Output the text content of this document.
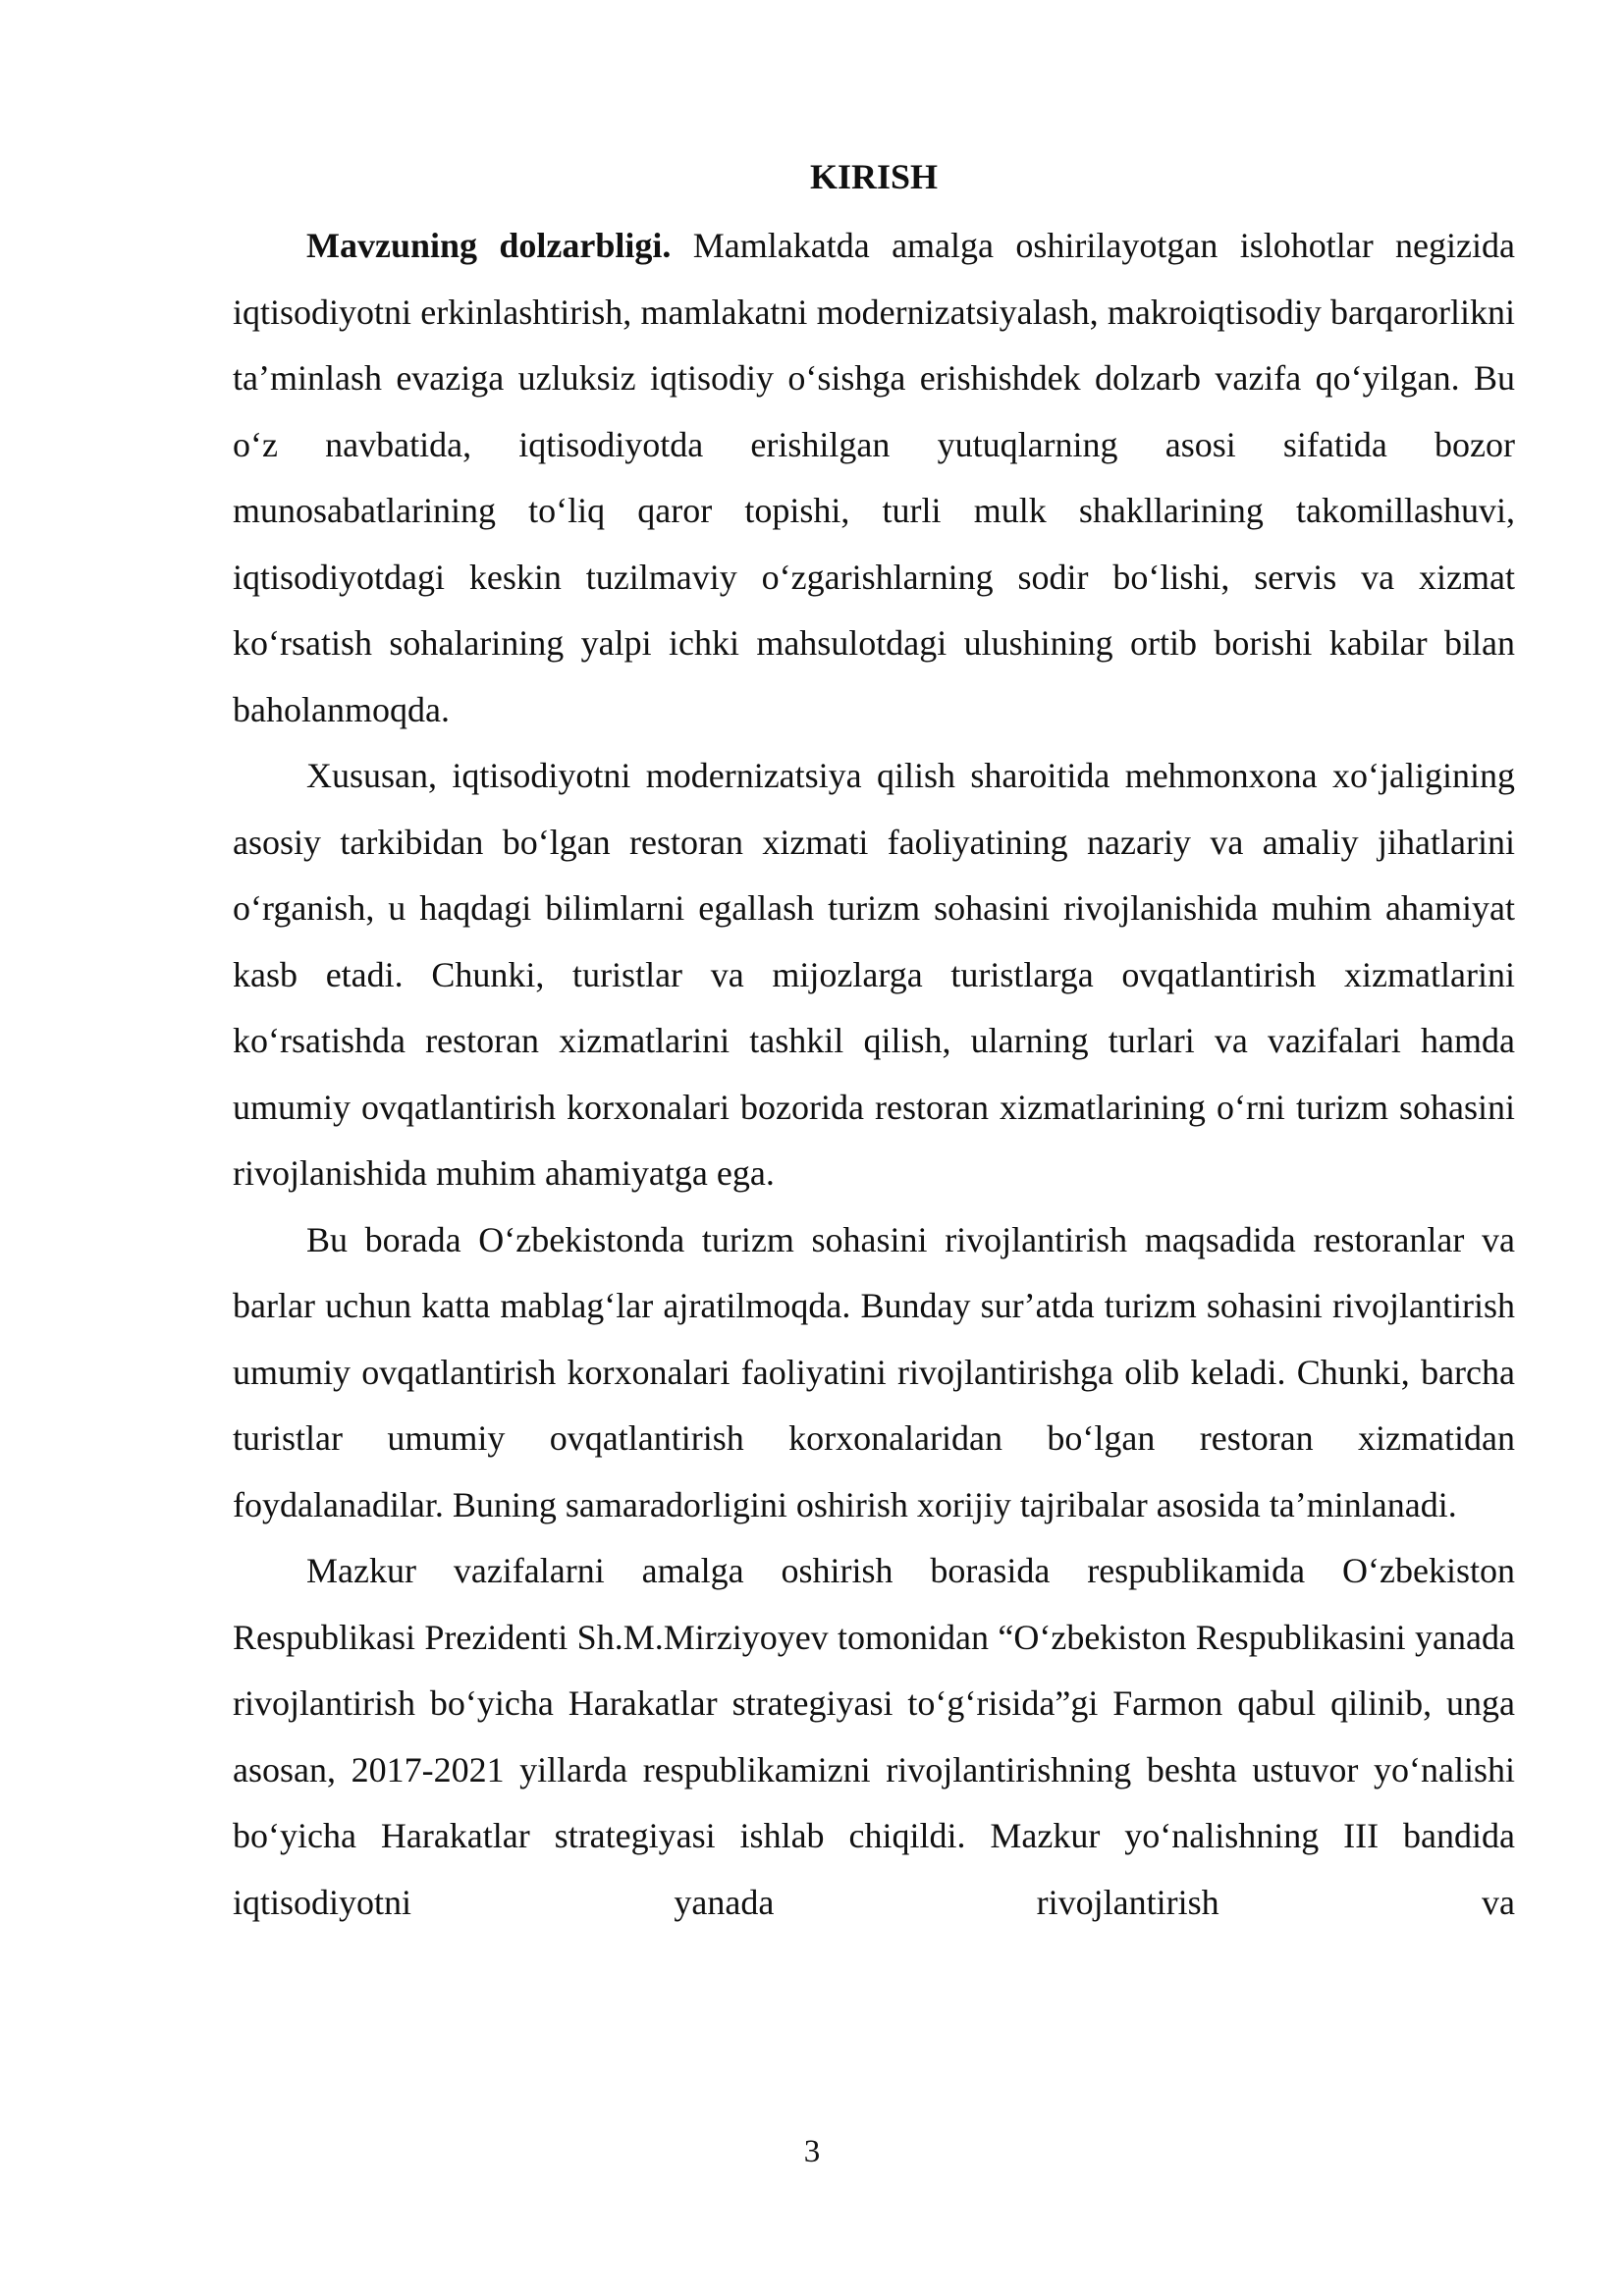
KIRISH

Mavzuning dolzarbligi. Mamlakatda amalga oshirilayotgan islohotlar negizida iqtisodiyotni erkinlashtirish, mamlakatni modernizatsiyalash, makroiqtisodiy barqarorlikni taʼminlash evaziga uzluksiz iqtisodiy oʻsishga erishishdek dolzarb vazifa qoʻyilgan. Bu oʻz navbatida, iqtisodiyotda erishilgan yutuqlarning asosi sifatida bozor munosabatlarining toʻliq qaror topishi, turli mulk shakllarining takomillashuvi, iqtisodiyotdagi keskin tuzilmaviy oʻzgarishlarning sodir boʻlishi, servis va xizmat koʻrsatish sohalarining yalpi ichki mahsulotdagi ulushining ortib borishi kabilar bilan baholanmoqda.

Xususan, iqtisodiyotni modernizatsiya qilish sharoitida mehmonxona xoʻjaligining asosiy tarkibidan boʻlgan restoran xizmati faoliyatining nazariy va amaliy jihatlarini oʻrganish, u haqdagi bilimlarni egallash turizm sohasini rivojlanishida muhim ahamiyat kasb etadi. Chunki, turistlar va mijozlarga turistlarga ovqatlantirish xizmatlarini koʻrsatishda restoran xizmatlarini tashkil qilish, ularning turlari va vazifalari hamda umumiy ovqatlantirish korxonalari bozorida restoran xizmatlarining oʻrni turizm sohasini rivojlanishida muhim ahamiyatga ega.

Bu borada Oʻzbekistonda turizm sohasini rivojlantirish maqsadida restoranlar va barlar uchun katta mablagʻlar ajratilmoqda. Bunday surʼatda turizm sohasini rivojlantirish umumiy ovqatlantirish korxonalari faoliyatini rivojlantirishga olib keladi. Chunki, barcha turistlar umumiy ovqatlantirish korxonalaridan boʻlgan restoran xizmatidan foydalanadilar. Buning samaradorligini oshirish xorijiy tajribalar asosida taʼminlanadi.

Mazkur vazifalarni amalga oshirish borasida respublikamida Oʻzbekiston Respublikasi Prezidenti Sh.M.Mirziyoyev tomonidan “Oʻzbekiston Respublikasini yanada rivojlantirish boʻyicha Harakatlar strategiyasi toʻgʻrisida”gi Farmon qabul qilinib, unga asosan, 2017-2021 yillarda respublikamizni rivojlantirishning beshta ustuvor yoʻnalishi boʻyicha Harakatlar strategiyasi ishlab chiqildi. Mazkur yoʻnalishning III bandida iqtisodiyotni yanada rivojlantirish va

3
